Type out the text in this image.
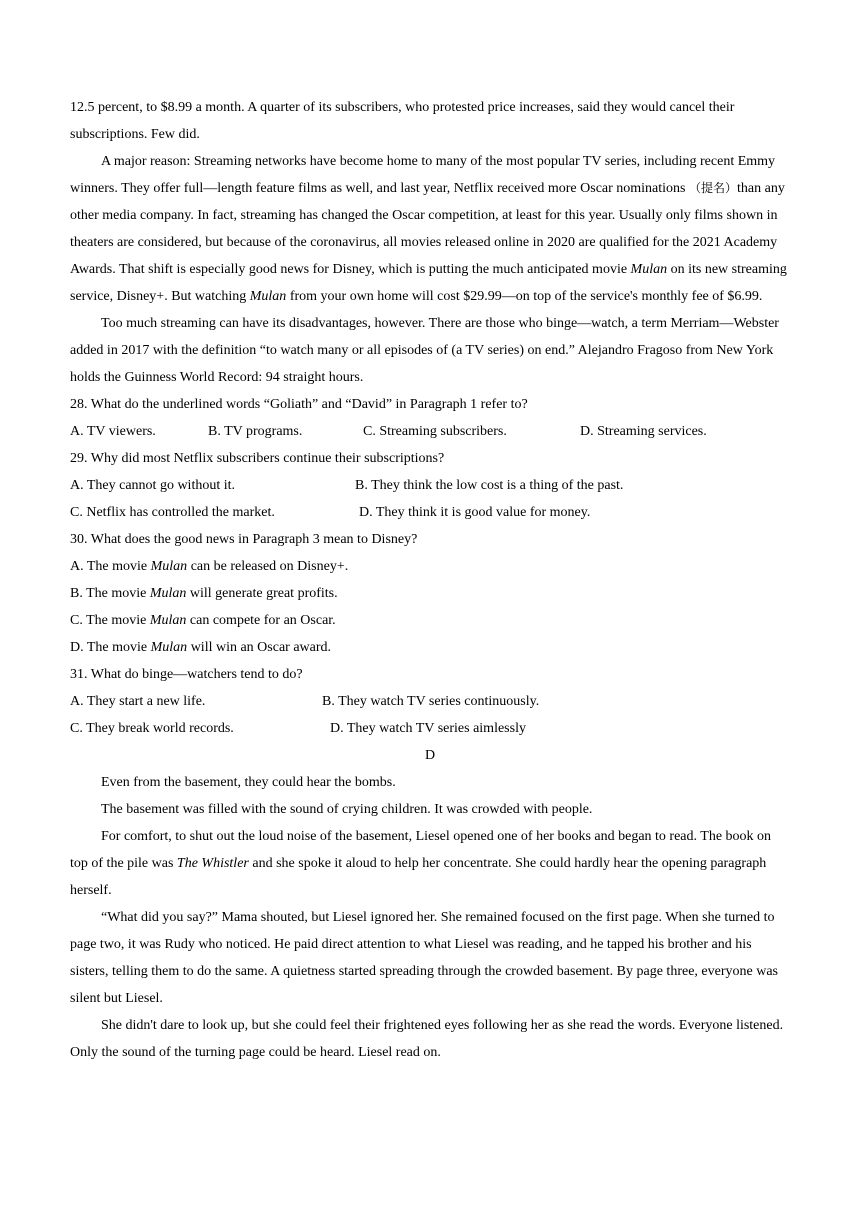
12.5 percent, to $8.99 a month. A quarter of its subscribers, who protested price increases, said they would cancel their subscriptions. Few did.

A major reason: Streaming networks have become home to many of the most popular TV series, including recent Emmy winners. They offer full—length feature films as well, and last year, Netflix received more Oscar nominations （提名）than any other media company. In fact, streaming has changed the Oscar competition, at least for this year. Usually only films shown in theaters are considered, but because of the coronavirus, all movies released online in 2020 are qualified for the 2021 Academy Awards. That shift is especially good news for Disney, which is putting the much anticipated movie Mulan on its new streaming service, Disney+. But watching Mulan from your own home will cost $29.99—on top of the service's monthly fee of $6.99.

Too much streaming can have its disadvantages, however. There are those who binge—watch, a term Merriam—Webster added in 2017 with the definition “to watch many or all episodes of (a TV series) on end.” Alejandro Fragoso from New York holds the Guinness World Record: 94 straight hours.

28. What do the underlined words “Goliath” and “David” in Paragraph 1 refer to?

A. TV viewers.	B. TV programs.	C. Streaming subscribers.	D. Streaming services.

29. Why did most Netflix subscribers continue their subscriptions?

A. They cannot go without it.	B. They think the low cost is a thing of the past.
C. Netflix has controlled the market.	D. They think it is good value for money.

30. What does the good news in Paragraph 3 mean to Disney?

A. The movie Mulan can be released on Disney+.

B. The movie Mulan will generate great profits.

C. The movie Mulan can compete for an Oscar.

D. The movie Mulan will win an Oscar award.

31. What do binge—watchers tend to do?

A. They start a new life.	B. They watch TV series continuously.
C. They break world records.	D. They watch TV series aimlessly

D

Even from the basement, they could hear the bombs.

The basement was filled with the sound of crying children. It was crowded with people.

For comfort, to shut out the loud noise of the basement, Liesel opened one of her books and began to read. The book on top of the pile was The Whistler and she spoke it aloud to help her concentrate. She could hardly hear the opening paragraph herself.

“What did you say?” Mama shouted, but Liesel ignored her. She remained focused on the first page. When she turned to page two, it was Rudy who noticed. He paid direct attention to what Liesel was reading, and he tapped his brother and his sisters, telling them to do the same. A quietness started spreading through the crowded basement. By page three, everyone was silent but Liesel.

She didn't dare to look up, but she could feel their frightened eyes following her as she read the words. Everyone listened. Only the sound of the turning page could be heard. Liesel read on.
